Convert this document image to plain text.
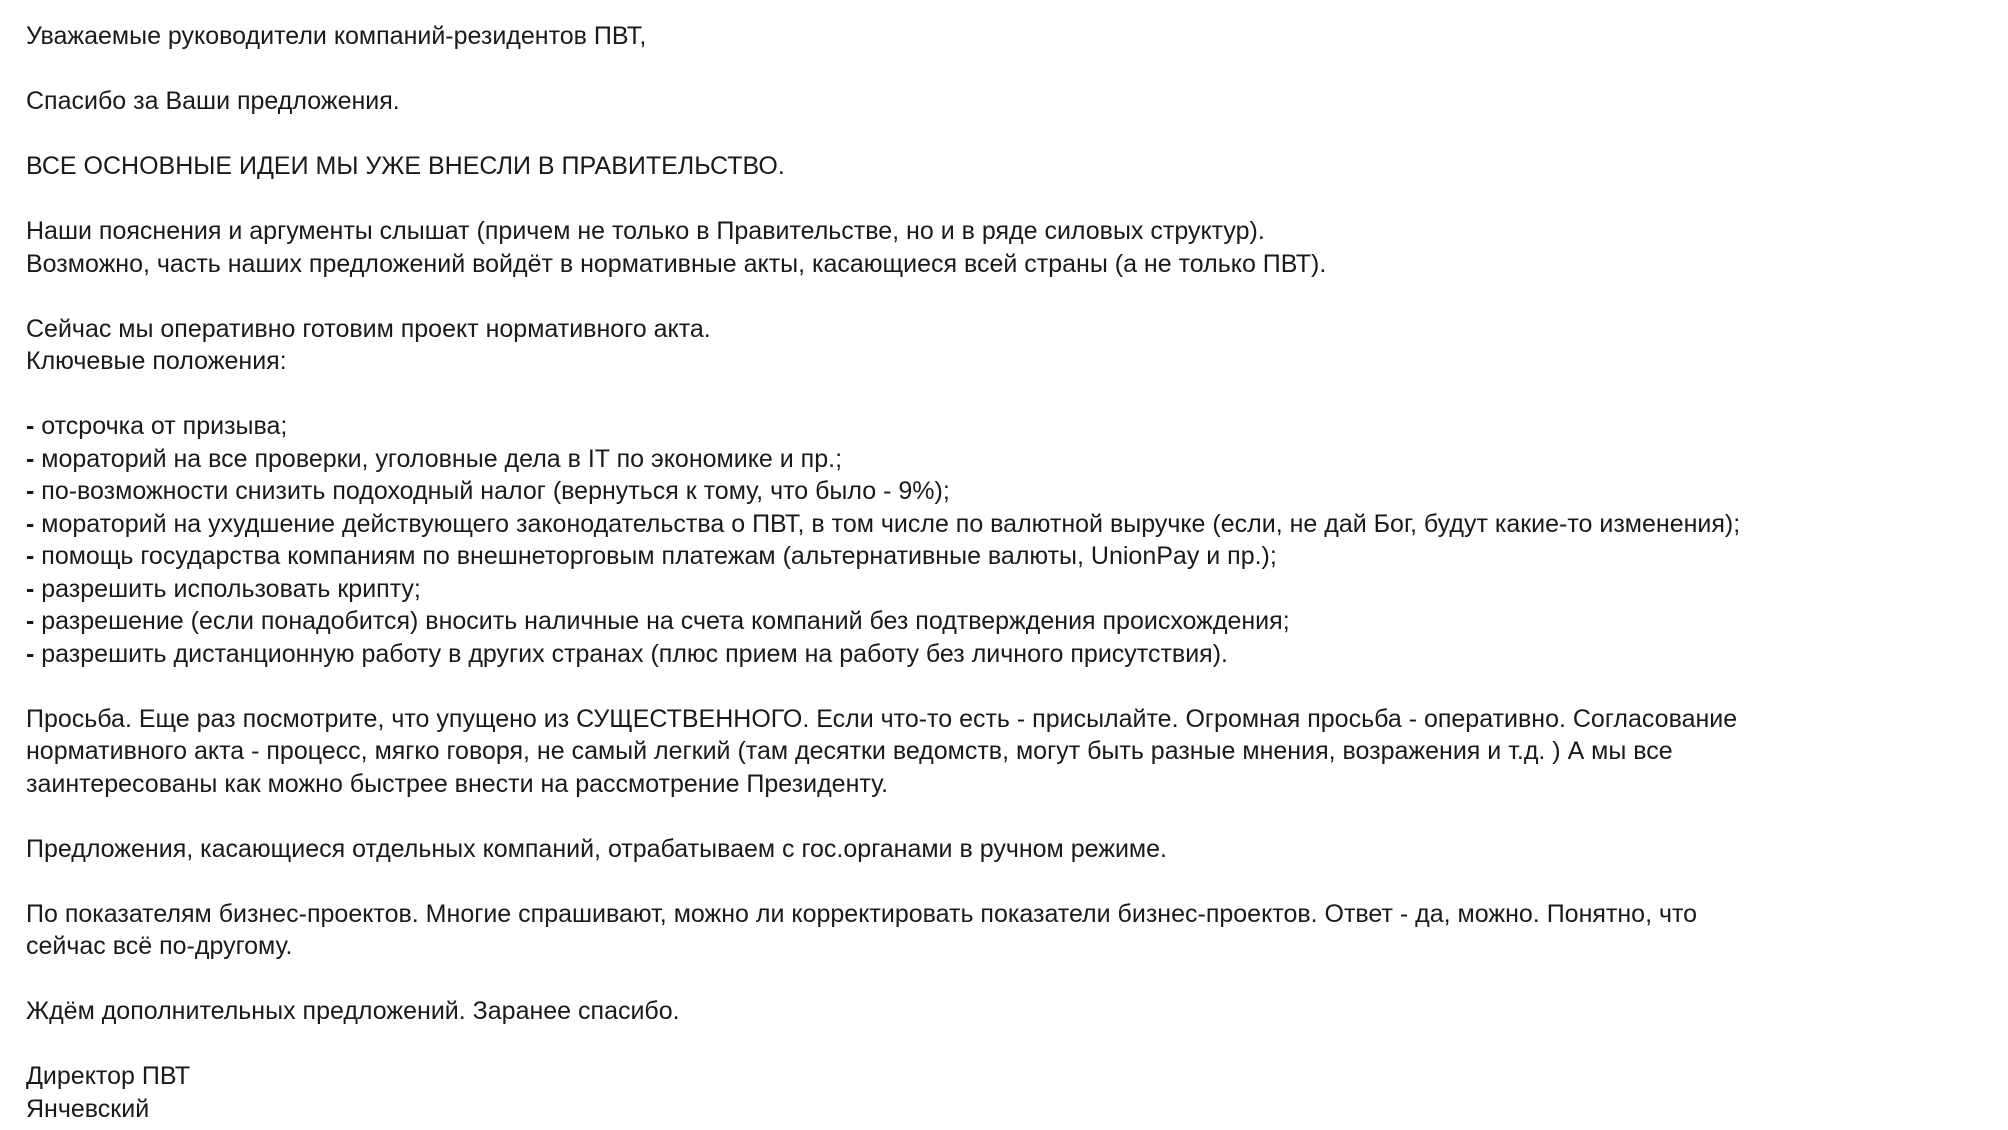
Уважаемые руководители компаний-резидентов ПВТ,
Спасибо за Ваши предложения.
ВСЕ ОСНОВНЫЕ ИДЕИ МЫ УЖЕ ВНЕСЛИ В ПРАВИТЕЛЬСТВО.
Наши пояснения и аргументы слышат (причем не только в Правительстве, но и в ряде силовых структур).
Возможно, часть наших предложений войдёт в нормативные акты, касающиеся всей страны (а не только ПВТ).
Сейчас мы оперативно готовим проект нормативного акта.
Ключевые положения:
- отсрочка от призыва;
- мораторий на все проверки, уголовные дела в IT по экономике и пр.;
- по-возможности снизить подоходный налог (вернуться к тому, что было - 9%);
- мораторий на ухудшение действующего законодательства о ПВТ, в том числе по валютной выручке (если, не дай Бог, будут какие-то изменения);
- помощь государства компаниям по внешнеторговым платежам (альтернативные валюты, UnionPay и пр.);
- разрешить использовать крипту;
- разрешение (если понадобится) вносить наличные на счета компаний без подтверждения происхождения;
- разрешить дистанционную работу в других странах (плюс прием на работу без личного присутствия).
Просьба. Еще раз посмотрите, что упущено из СУЩЕСТВЕННОГО. Если что-то есть - присылайте. Огромная просьба - оперативно. Согласование
нормативного акта - процесс, мягко говоря, не самый легкий (там десятки ведомств, могут быть разные мнения, возражения и т.д. ) А мы все
заинтересованы как можно быстрее внести на рассмотрение Президенту.
Предложения, касающиеся отдельных компаний, отрабатываем с гос.органами в ручном режиме.
По показателям бизнес-проектов. Многие спрашивают, можно ли корректировать показатели бизнес-проектов. Ответ - да, можно. Понятно, что
сейчас всё по-другому.
Ждём дополнительных предложений. Заранее спасибо.
Директор ПВТ
Янчевский
